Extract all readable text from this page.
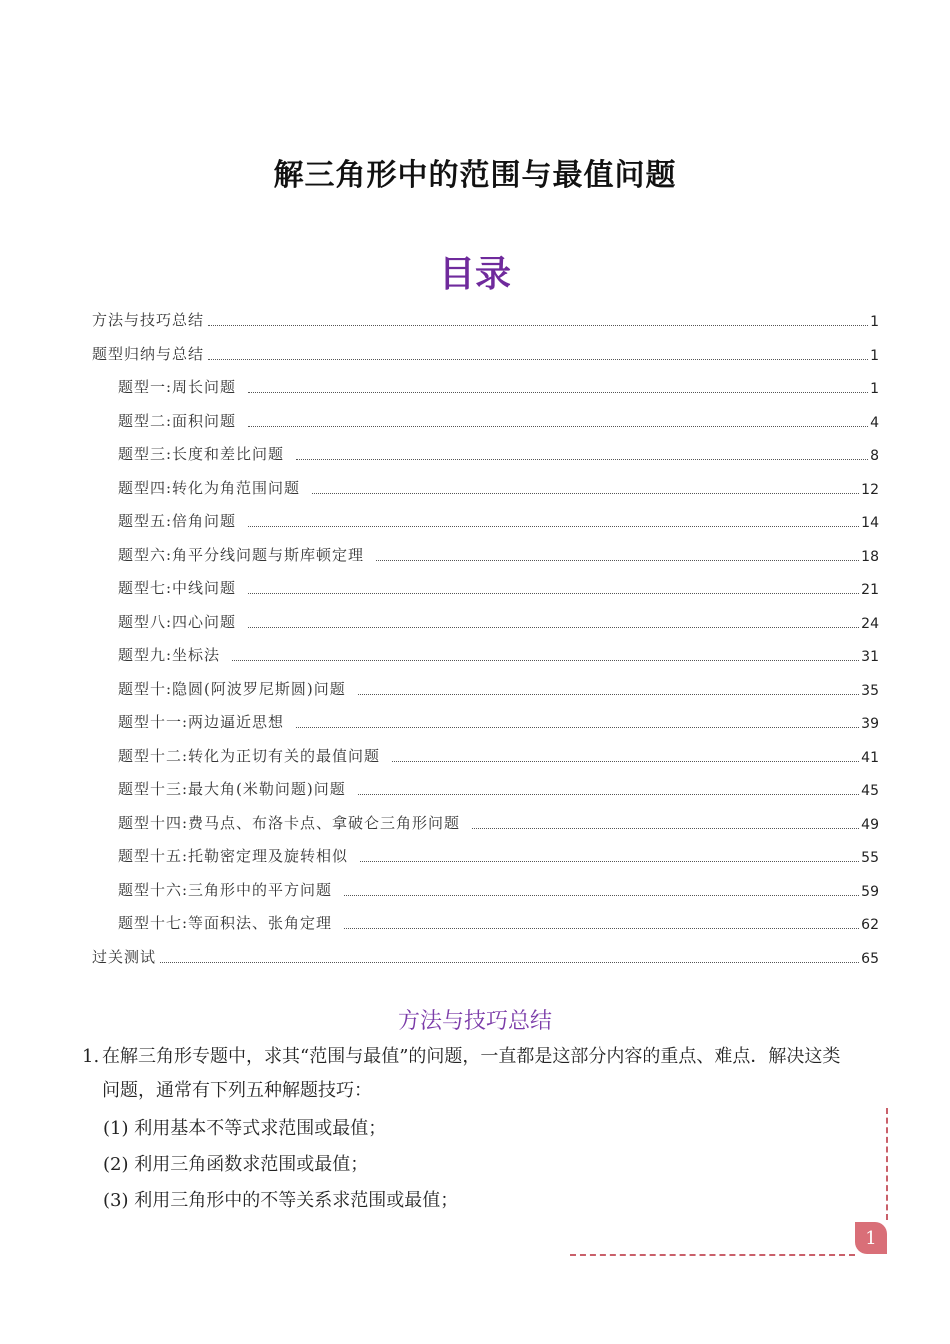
解三角形中的范围与最值问题
目录
方法与技巧总结	1
题型归纳与总结	1
题型一:周长问题	1
题型二:面积问题	4
题型三:长度和差比问题	8
题型四:转化为角范围问题	12
题型五:倍角问题	14
题型六:角平分线问题与斯库顿定理	18
题型七:中线问题	21
题型八:四心问题	24
题型九:坐标法	31
题型十:隐圆(阿波罗尼斯圆)问题	35
题型十一:两边逼近思想	39
题型十二:转化为正切有关的最值问题	41
题型十三:最大角(米勒问题)问题	45
题型十四:费马点、布洛卡点、拿破仑三角形问题	49
题型十五:托勒密定理及旋转相似	55
题型十六:三角形中的平方问题	59
题型十七:等面积法、张角定理	62
过关测试	65
方法与技巧总结
1. 在解三角形专题中，求其“范围与最值”的问题，一直都是这部分内容的重点、难点．解决这类
问题，通常有下列五种解题技巧：
(1) 利用基本不等式求范围或最值；
(2) 利用三角函数求范围或最值；
(3) 利用三角形中的不等关系求范围或最值；
1
